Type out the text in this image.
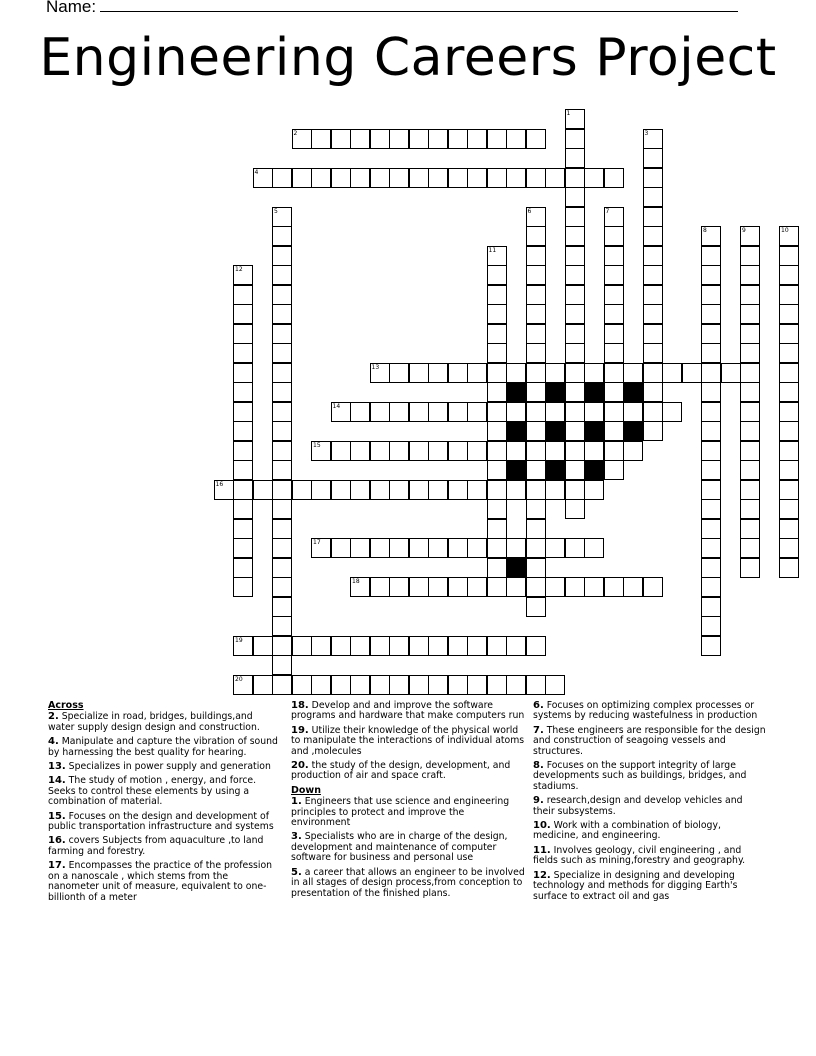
Name:
Engineering Careers Project
1
2	3
4
5	6	7
8	9	10
11
12
13
14
15
16
17
18
19
20
Across
2. Specialize in road, bridges, buildings,and water supply design design and construction.
4. Manipulate and capture the vibration of sound by harnessing the best quality for hearing.
13. Specializes in power supply and generation
14. The study of motion , energy, and force. Seeks to control these elements by using a combination of material.
15. Focuses on the design and development of public transportation infrastructure and systems
16. covers Subjects from aquaculture ,to land farming and forestry.
17. Encompasses the practice of the profession on a nanoscale , which stems from the nanometer unit of measure, equivalent to one-billionth of a meter
18. Develop and and improve the software programs and hardware that make computers run
19. Utilize their knowledge of the physical world to manipulate the interactions of individual atoms and ,molecules
20. the study of the design, development, and production of air and space craft.
Down
1. Engineers that use science and engineering principles to protect and improve the environment
3. Specialists who are in charge of the design, development and maintenance of computer software for business and personal use
5. a career that allows an engineer to be involved in all stages of design process,from conception to presentation of the finished plans.
6. Focuses on optimizing complex processes or systems by reducing wastefulness in production
7. These engineers are responsible for the design and construction of seagoing vessels and structures.
8. Focuses on the support integrity of large developments such as buildings, bridges, and stadiums.
9. research,design and develop vehicles and their subsystems.
10. Work with a combination of biology, medicine, and engineering.
11. Involves geology, civil engineering , and fields such as mining,forestry and geography.
12. Specialize in designing and developing technology and methods for digging Earth's surface to extract oil and gas
